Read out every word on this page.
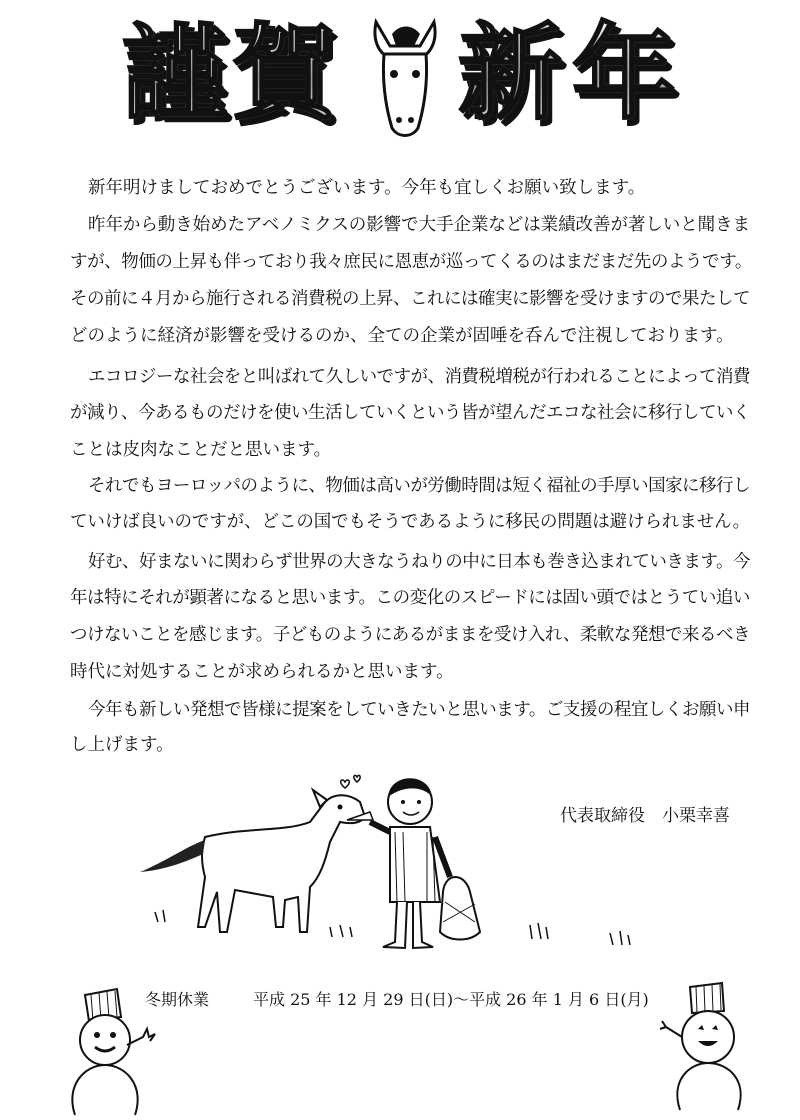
謹 賀 新 年
新年明けましておめでとうございます。今年も宜しくお願い致します。
昨年から動き始めたアベノミクスの影響で大手企業などは業績改善が著しいと聞きま
すが、物価の上昇も伴っており我々庶民に恩恵が巡ってくるのはまだまだ先のようです。
その前に４月から施行される消費税の上昇、これには確実に影響を受けますので果たして
どのように経済が影響を受けるのか、全ての企業が固唾を呑んで注視しております。
エコロジーな社会をと叫ばれて久しいですが、消費税増税が行われることによって消費
が減り、今あるものだけを使い生活していくという皆が望んだエコな社会に移行していく
ことは皮肉なことだと思います。
それでもヨーロッパのように、物価は高いが労働時間は短く福祉の手厚い国家に移行し
ていけば良いのですが、どこの国でもそうであるように移民の問題は避けられません。
好む、好まないに関わらず世界の大きなうねりの中に日本も巻き込まれていきます。今
年は特にそれが顕著になると思います。この変化のスピードには固い頭ではとうてい追い
つけないことを感じます。子どものようにあるがままを受け入れ、柔軟な発想で来るべき
時代に対処することが求められるかと思います。
今年も新しい発想で皆様に提案をしていきたいと思います。ご支援の程宜しくお願い申
し上げます。
代表取締役　 小栗幸喜
冬期休業	平成 25 年 12 月 29 日(日)～平成 26 年 1 月 6 日(月)
